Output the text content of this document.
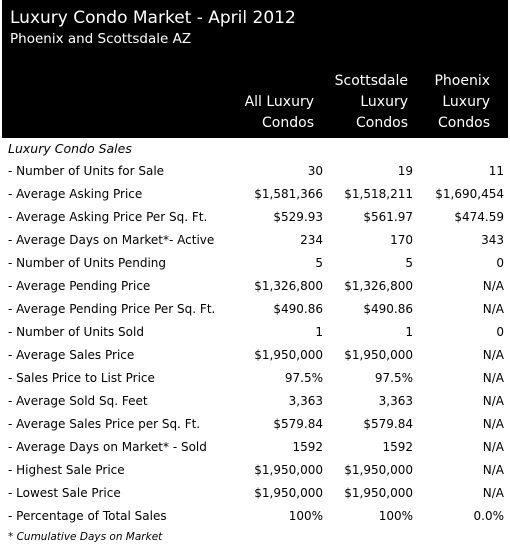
Luxury Condo Market - April 2012
Phoenix and Scottsdale AZ
All Luxury
Condos
Scottsdale
Luxury
Condos
Phoenix
Luxury
Condos
Luxury Condo Sales
- Number of Units for Sale	30	19	11
- Average Asking Price	$1,581,366	$1,518,211	$1,690,454
- Average Asking Price Per Sq. Ft.	$529.93	$561.97	$474.59
- Average Days on Market*- Active	234	170	343
- Number of Units Pending	5	5	0
- Average Pending Price	$1,326,800	$1,326,800	N/A
- Average Pending Price Per Sq. Ft.	$490.86	$490.86	N/A
- Number of Units Sold	1	1	0
- Average Sales Price	$1,950,000	$1,950,000	N/A
- Sales Price to List Price	97.5%	97.5%	N/A
- Average Sold Sq. Feet	3,363	3,363	N/A
- Average Sales Price per Sq. Ft.	$579.84	$579.84	N/A
- Average Days on Market* - Sold	1592	1592	N/A
- Highest Sale Price	$1,950,000	$1,950,000	N/A
- Lowest Sale Price	$1,950,000	$1,950,000	N/A
- Percentage of Total Sales	100%	100%	0.0%
* Cumulative Days on Market
